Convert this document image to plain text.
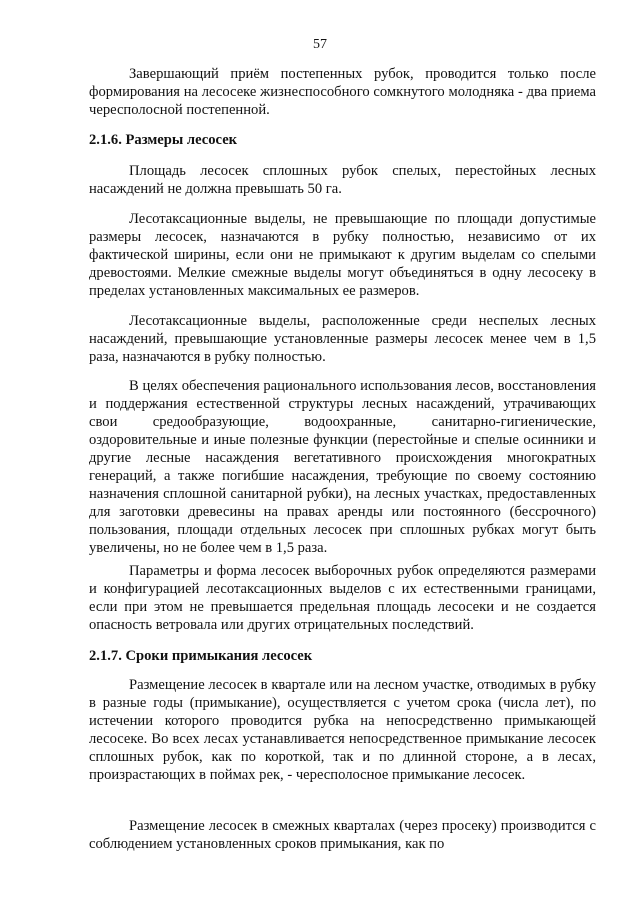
57

Завершающий приём постепенных рубок, проводится только после формирования на лесосеке жизнеспособного сомкнутого молодняка - два приема чересполосной постепенной.

2.1.6. Размеры лесосек

Площадь лесосек сплошных рубок спелых, перестойных лесных насаждений не должна превышать 50 га.

Лесотаксационные выделы, не превышающие по площади допустимые размеры лесосек, назначаются в рубку полностью, независимо от их фактической ширины, если они не примыкают к другим выделам со спелыми древостоями. Мелкие смежные выделы могут объединяться в одну лесосеку в пределах установленных максимальных ее размеров.

Лесотаксационные выделы, расположенные среди неспелых лесных насаждений, превышающие установленные размеры лесосек менее чем в 1,5 раза, назначаются в рубку полностью.

В целях обеспечения рационального использования лесов, восстановления и поддержания естественной структуры лесных насаждений, утрачивающих свои средообразующие, водоохранные, санитарно-гигиенические, оздоровительные и иные полезные функции (перестойные и спелые осинники и другие лесные насаждения вегетативного происхождения многократных генераций, а также погибшие насаждения, требующие по своему состоянию назначения сплошной санитарной рубки), на лесных участках, предоставленных для заготовки древесины на правах аренды или постоянного (бессрочного) пользования, площади отдельных лесосек при сплошных рубках могут быть увеличены, но не более чем в 1,5 раза.

Параметры и форма лесосек выборочных рубок определяются размерами и конфигурацией лесотаксационных выделов с их естественными границами, если при этом не превышается предельная площадь лесосеки и не создается опасность ветровала или других отрицательных последствий.

2.1.7. Сроки примыкания лесосек

Размещение лесосек в квартале или на лесном участке, отводимых в рубку в разные годы (примыкание), осуществляется с учетом срока (числа лет), по истечении которого проводится рубка на непосредственно примыкающей лесосеке. Во всех лесах устанавливается непосредственное примыкание лесосек сплошных рубок, как по короткой, так и по длинной стороне, а в лесах, произрастающих в поймах рек, - чересполосное примыкание лесосек.

Размещение лесосек в смежных кварталах (через просеку) производится с соблюдением установленных сроков примыкания, как по
